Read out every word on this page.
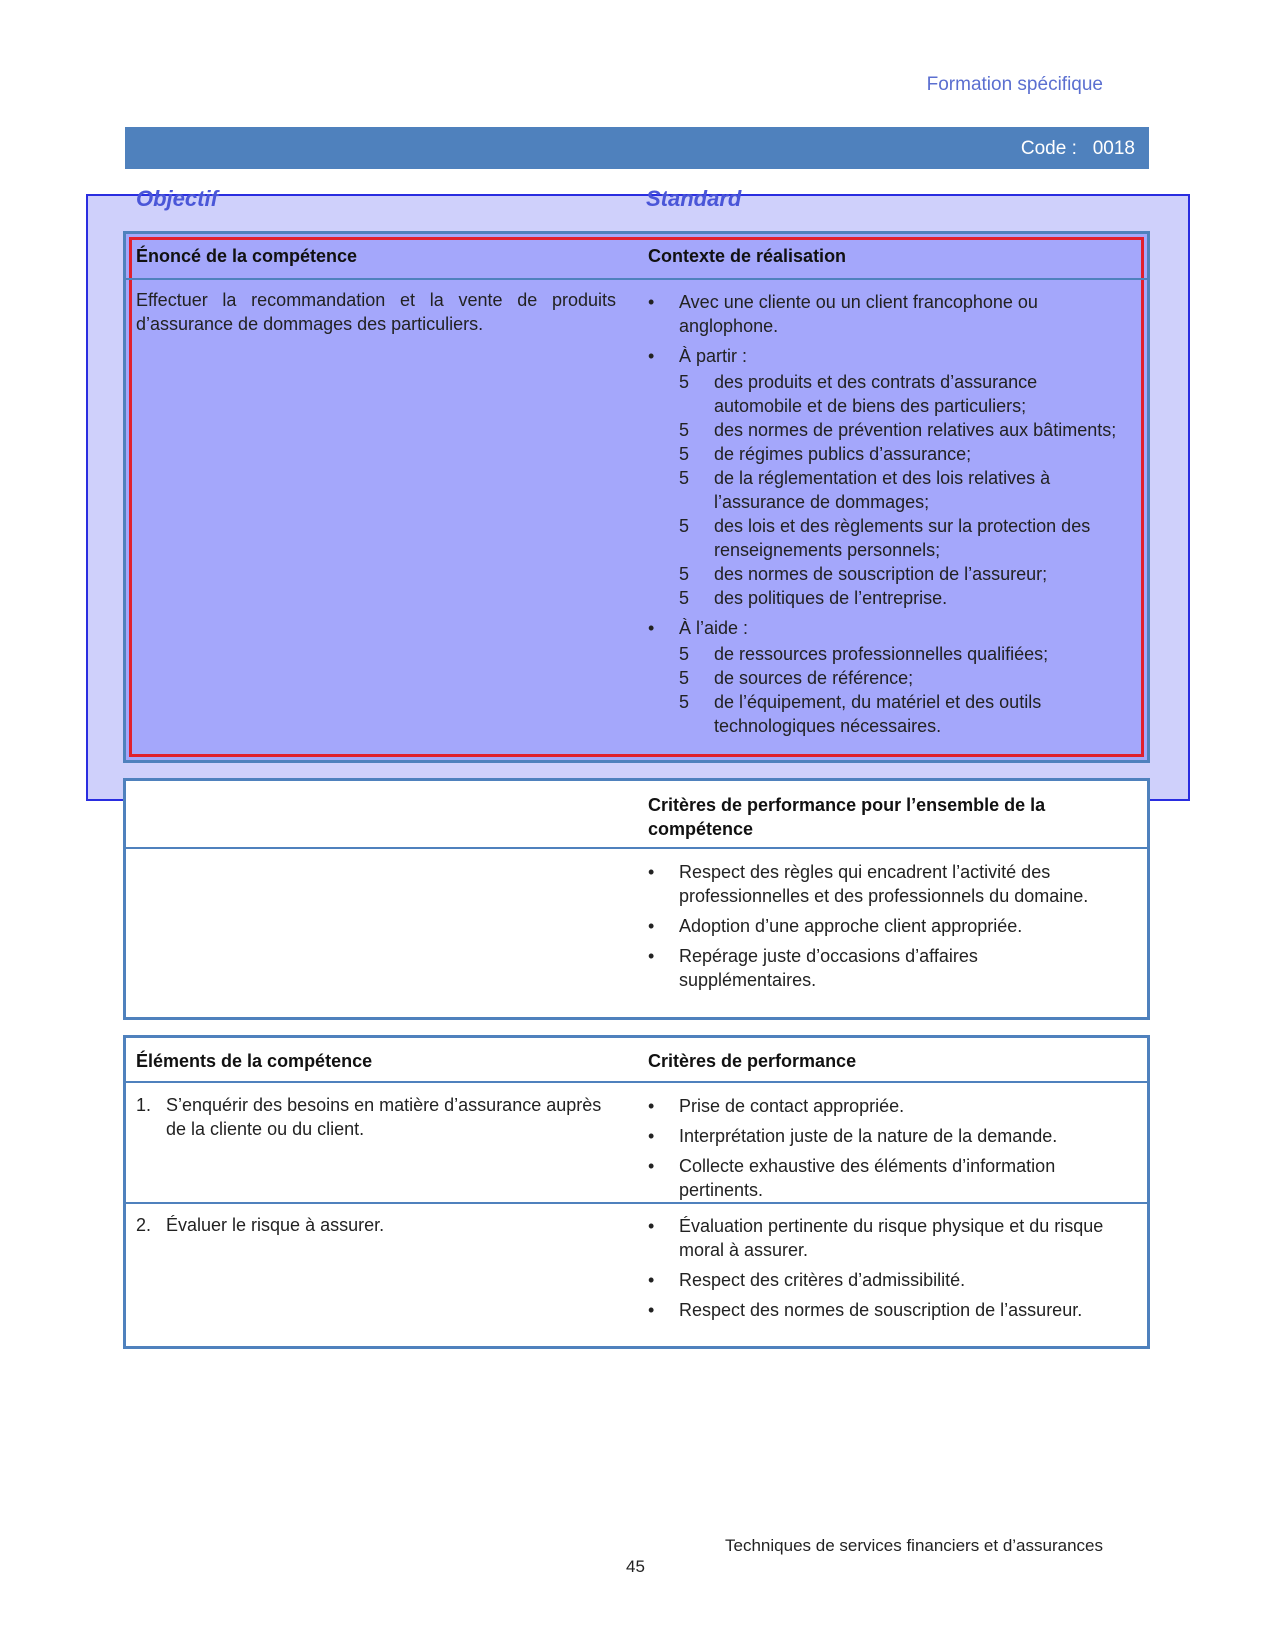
Formation spécifique
Code : 0018
Objectif	Standard
Énoncé de la compétence	Contexte de réalisation
Effectuer la recommandation et la vente de produits d’assurance de dommages des particuliers.
•	Avec une cliente ou un client francophone ou anglophone.
•	À partir :
5 des produits et des contrats d’assurance automobile et de biens des particuliers;
5 des normes de prévention relatives aux bâtiments;
5 de régimes publics d’assurance;
5 de la réglementation et des lois relatives à l’assurance de dommages;
5 des lois et des règlements sur la protection des renseignements personnels;
5 des normes de souscription de l’assureur;
5 des politiques de l’entreprise.
•	À l’aide :
5 de ressources professionnelles qualifiées;
5 de sources de référence;
5 de l’équipement, du matériel et des outils technologiques nécessaires.
Critères de performance pour l’ensemble de la compétence
•	Respect des règles qui encadrent l’activité des professionnelles et des professionnels du domaine.
•	Adoption d’une approche client appropriée.
•	Repérage juste d’occasions d’affaires supplémentaires.
Éléments de la compétence	Critères de performance
1. S’enquérir des besoins en matière d’assurance auprès de la cliente ou du client.
•	Prise de contact appropriée.
•	Interprétation juste de la nature de la demande.
•	Collecte exhaustive des éléments d’information pertinents.
2. Évaluer le risque à assurer.	•	Évaluation pertinente du risque physique et du risque moral à assurer.
•	Respect des critères d’admissibilité.
•	Respect des normes de souscription de l’assureur.
Techniques de services financiers et d’assurances
45
